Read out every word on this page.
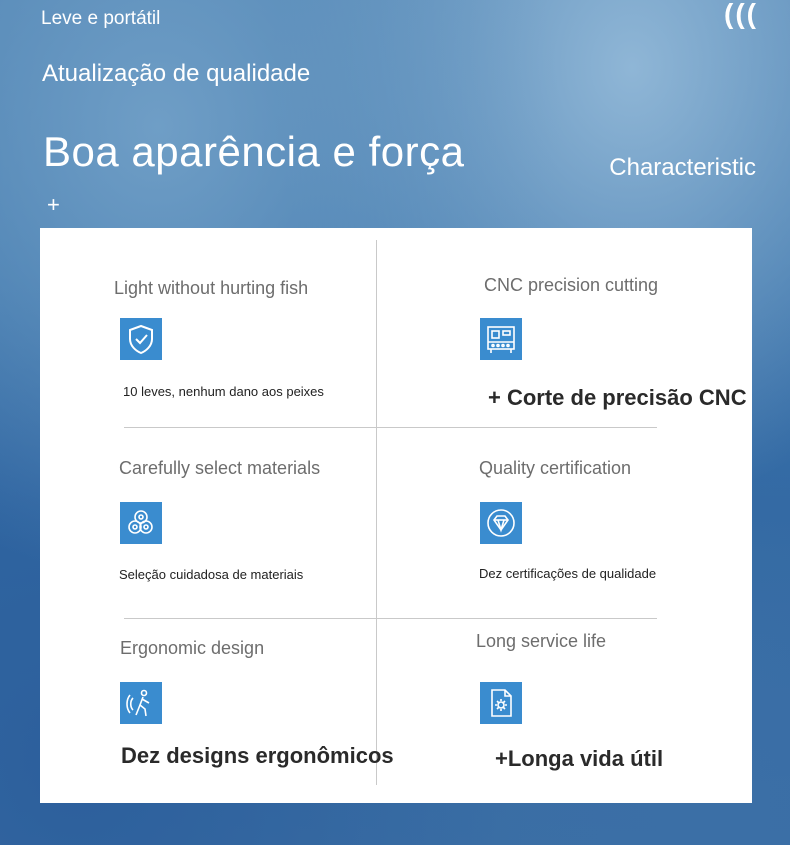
Leve e portátil	(((
Atualização de qualidade
Boa aparência e força	Characteristic
+
Light without hurting fish
10 leves, nenhum dano aos peixes
CNC precision cutting
+ Corte de precisão CNC
Carefully select materials
Seleção cuidadosa de materiais
Quality certification
Dez certificações de qualidade
Ergonomic design
Dez designs ergonômicos
Long service life
+Longa vida útil
